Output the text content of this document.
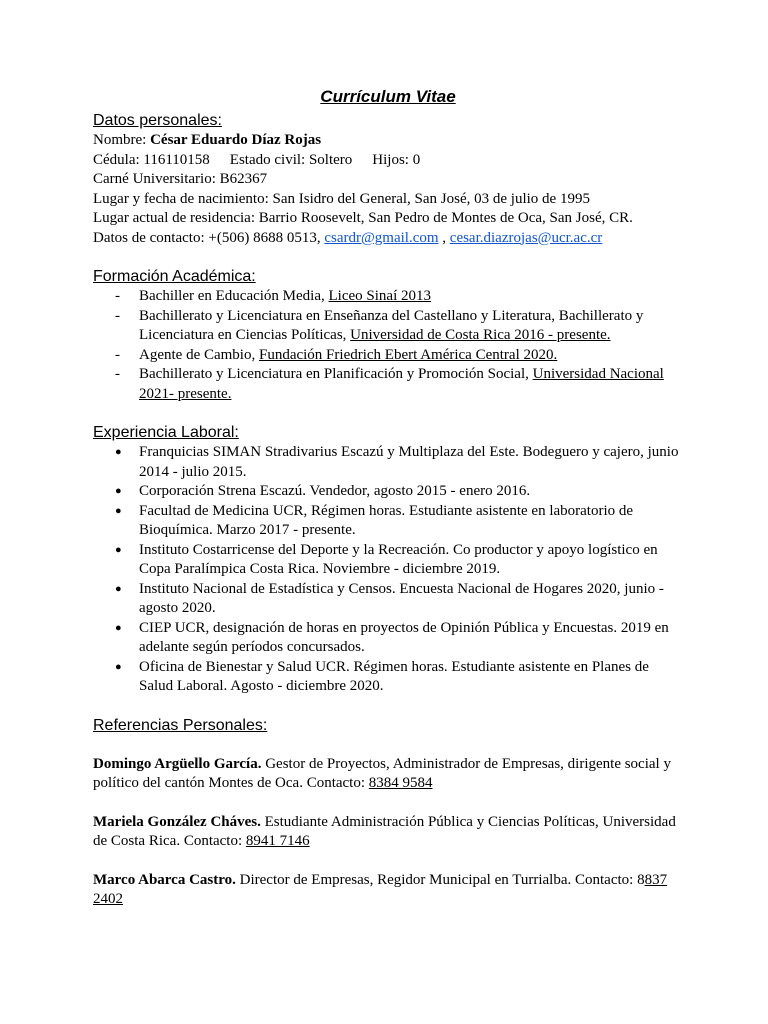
Currículum Vitae
Datos personales:
Nombre: César Eduardo Díaz Rojas
Cédula: 116110158 Estado civil: Soltero Hijos: 0
Carné Universitario: B62367
Lugar y fecha de nacimiento: San Isidro del General, San José, 03 de julio de 1995
Lugar actual de residencia: Barrio Roosevelt, San Pedro de Montes de Oca, San José, CR.
Datos de contacto: +(506) 8688 0513, csardr@gmail.com , cesar.diazrojas@ucr.ac.cr
Formación Académica:
- Bachiller en Educación Media, Liceo Sinaí 2013
- Bachillerato y Licenciatura en Enseñanza del Castellano y Literatura, Bachillerato y Licenciatura en Ciencias Políticas, Universidad de Costa Rica 2016 - presente.
- Agente de Cambio, Fundación Friedrich Ebert América Central 2020.
- Bachillerato y Licenciatura en Planificación y Promoción Social, Universidad Nacional 2021- presente.
Experiencia Laboral:
● Franquicias SIMAN Stradivarius Escazú y Multiplaza del Este. Bodeguero y cajero, junio 2014 - julio 2015.
● Corporación Strena Escazú. Vendedor, agosto 2015 - enero 2016.
● Facultad de Medicina UCR, Régimen horas. Estudiante asistente en laboratorio de Bioquímica. Marzo 2017 - presente.
● Instituto Costarricense del Deporte y la Recreación. Co productor y apoyo logístico en Copa Paralímpica Costa Rica. Noviembre - diciembre 2019.
● Instituto Nacional de Estadística y Censos. Encuesta Nacional de Hogares 2020, junio - agosto 2020.
● CIEP UCR, designación de horas en proyectos de Opinión Pública y Encuestas. 2019 en adelante según períodos concursados.
● Oficina de Bienestar y Salud UCR. Régimen horas. Estudiante asistente en Planes de Salud Laboral. Agosto - diciembre 2020.
Referencias Personales:
Domingo Argüello García. Gestor de Proyectos, Administrador de Empresas, dirigente social y político del cantón Montes de Oca. Contacto: 8384 9584
Mariela González Cháves. Estudiante Administración Pública y Ciencias Políticas, Universidad de Costa Rica. Contacto: 8941 7146
Marco Abarca Castro. Director de Empresas, Regidor Municipal en Turrialba. Contacto: 8837 2402
